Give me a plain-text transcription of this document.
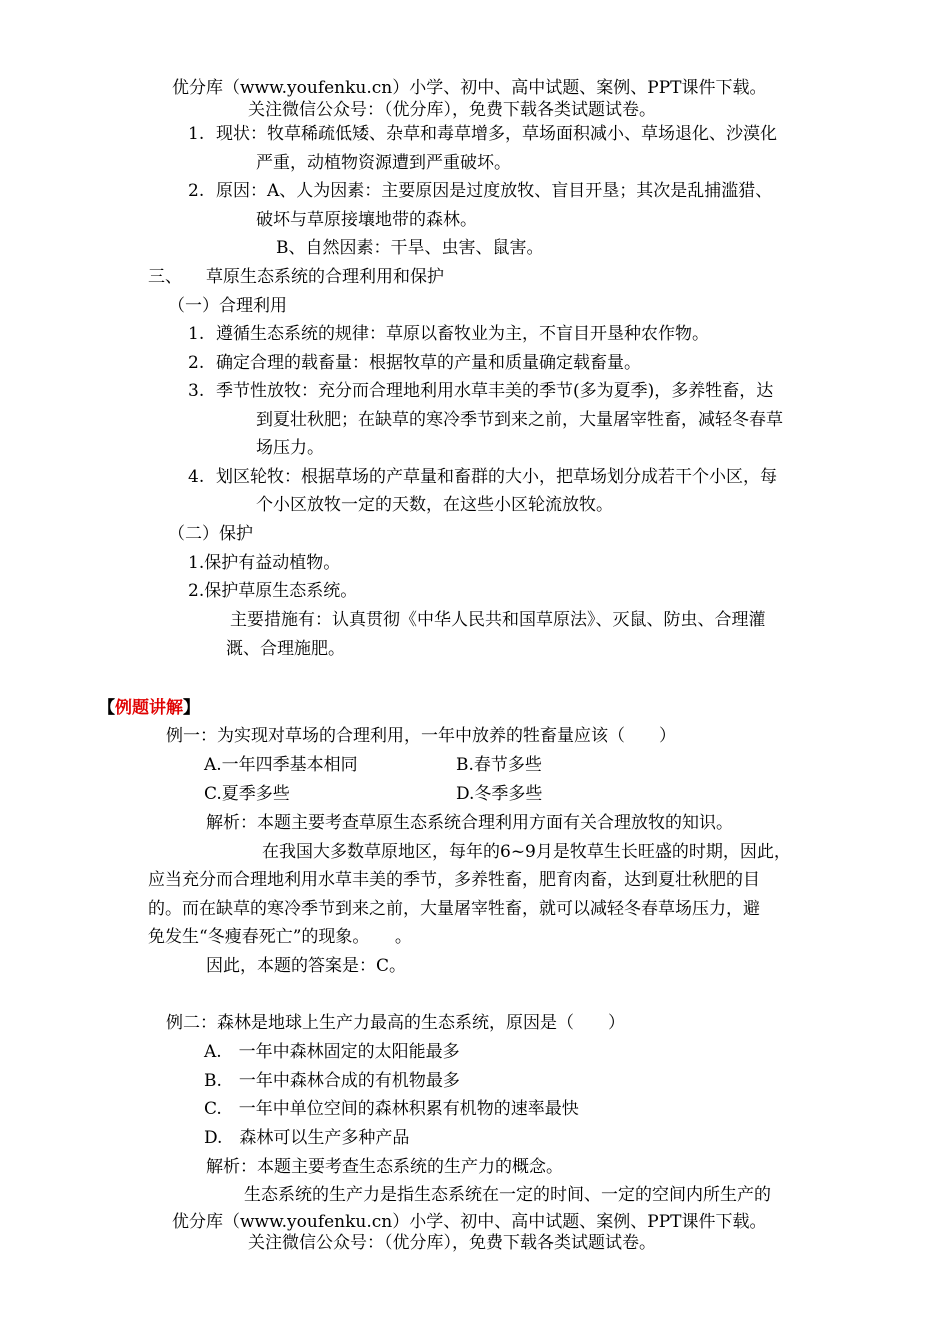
优分库（www.youfenku.cn）小学、初中、高中试题、案例、PPT课件下载。
关注微信公众号：（优分库），免费下载各类试题试卷。
1. 现状：牧草稀疏低矮、杂草和毒草增多，草场面积减小、草场退化、沙漠化
严重，动植物资源遭到严重破坏。
2. 原因：A、人为因素：主要原因是过度放牧、盲目开垦；其次是乱捕滥猎、
破坏与草原接壤地带的森林。
B、自然因素：干旱、虫害、鼠害。
三、 草原生态系统的合理利用和保护
（一）合理利用
1. 遵循生态系统的规律：草原以畜牧业为主，不盲目开垦种农作物。
2. 确定合理的载畜量：根据牧草的产量和质量确定载畜量。
3. 季节性放牧：充分而合理地利用水草丰美的季节(多为夏季)，多养牲畜，达
到夏壮秋肥；在缺草的寒冷季节到来之前，大量屠宰牲畜，减轻冬春草
场压力。
4. 划区轮牧：根据草场的产草量和畜群的大小，把草场划分成若干个小区，每
个小区放牧一定的天数，在这些小区轮流放牧。
（二）保护
1.保护有益动植物。
2.保护草原生态系统。
主要措施有：认真贯彻《中华人民共和国草原法》、灭鼠、防虫、合理灌
溉、合理施肥。
【例题讲解】
例一：为实现对草场的合理利用，一年中放养的牲畜量应该（　　）
A.一年四季基本相同	B.春节多些
C.夏季多些	D.冬季多些
解析：本题主要考查草原生态系统合理利用方面有关合理放牧的知识。
在我国大多数草原地区，每年的6~9月是牧草生长旺盛的时期，因此，
应当充分而合理地利用水草丰美的季节，多养牲畜，肥育肉畜，达到夏壮秋肥的目
的。而在缺草的寒冷季节到来之前，大量屠宰牲畜，就可以减轻冬春草场压力，避
免发生“冬瘦春死亡”的现象。　　。
因此，本题的答案是：C。
例二：森林是地球上生产力最高的生态系统，原因是（　　）
A.　一年中森林固定的太阳能最多
B.　一年中森林合成的有机物最多
C.　一年中单位空间的森林积累有机物的速率最快
D.　森林可以生产多种产品
解析：本题主要考查生态系统的生产力的概念。
生态系统的生产力是指生态系统在一定的时间、一定的空间内所生产的
优分库（www.youfenku.cn）小学、初中、高中试题、案例、PPT课件下载。
关注微信公众号：（优分库），免费下载各类试题试卷。
